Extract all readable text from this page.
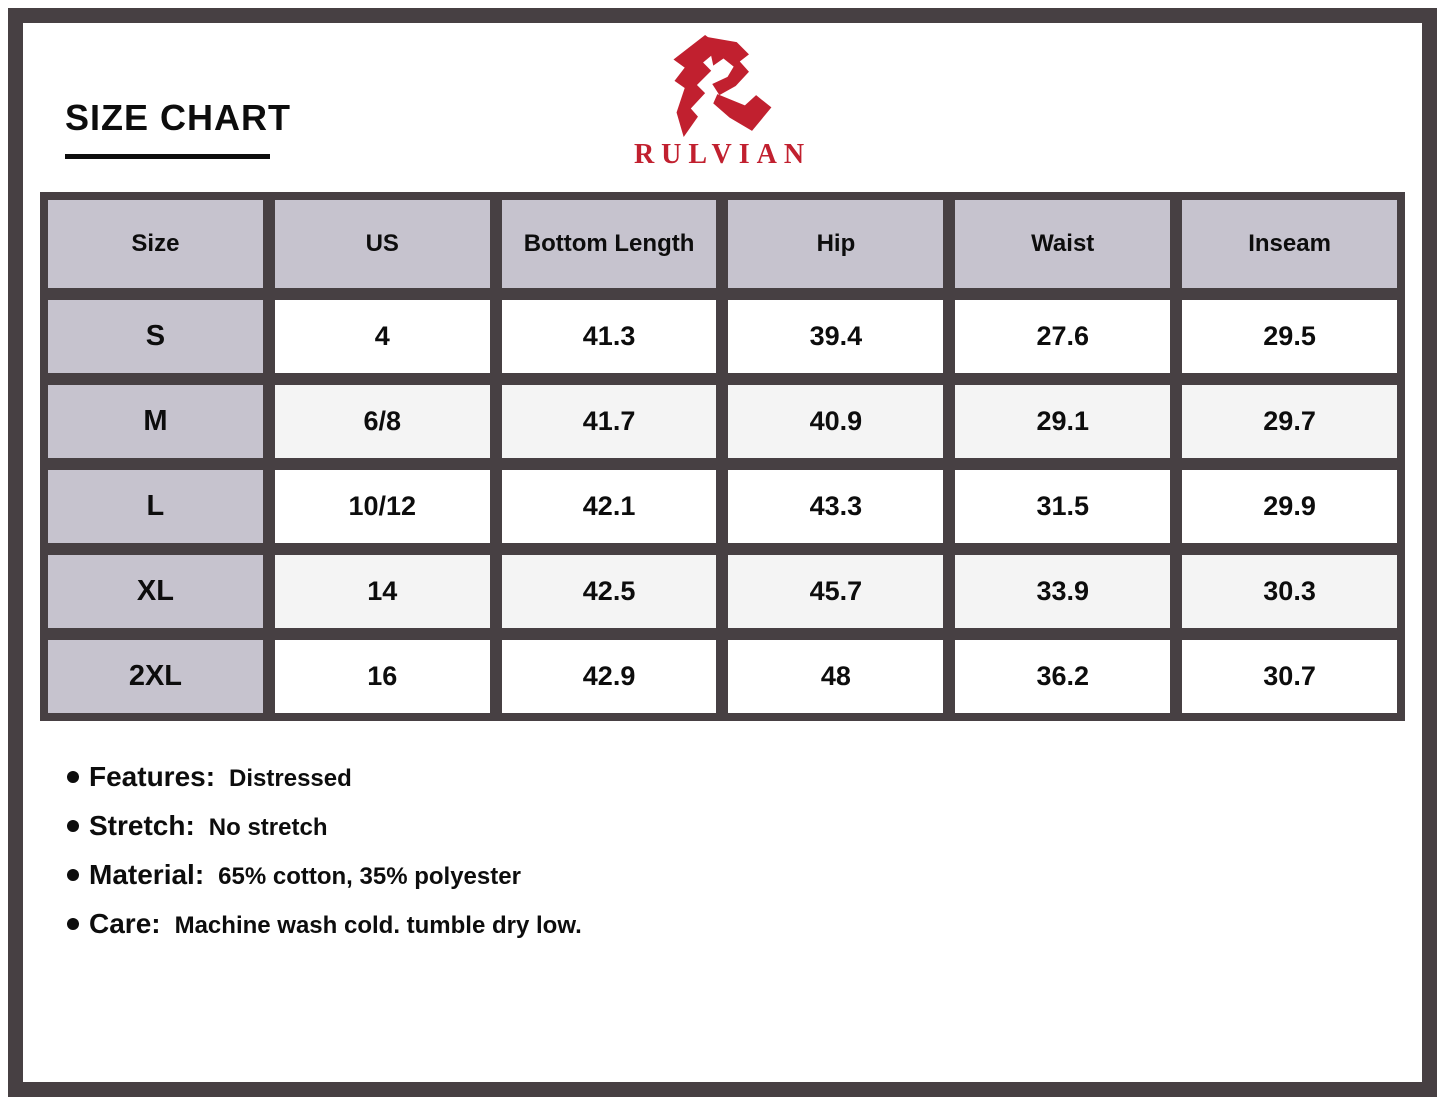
SIZE CHART
RULVIAN
Size	US	Bottom Length	Hip	Waist	Inseam
S	4	41.3	39.4	27.6	29.5
M	6/8	41.7	40.9	29.1	29.7
L	10/12	42.1	43.3	31.5	29.9
XL	14	42.5	45.7	33.9	30.3
2XL	16	42.9	48	36.2	30.7
Features: Distressed
Stretch: No stretch
Material: 65% cotton, 35% polyester
Care: Machine wash cold. tumble dry low.
